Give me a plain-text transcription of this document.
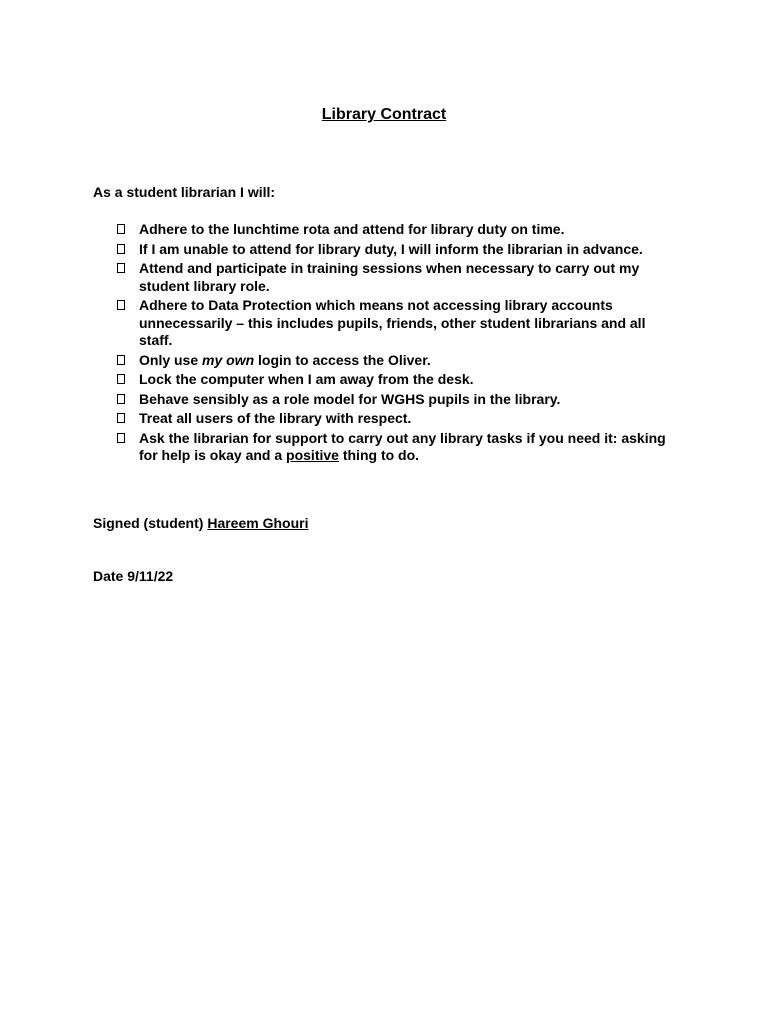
Library Contract
As a student librarian I will:
Adhere to the lunchtime rota and attend for library duty on time.
If I am unable to attend for library duty, I will inform the librarian in advance.
Attend and participate in training sessions when necessary to carry out my student library role.
Adhere to Data Protection which means not accessing library accounts unnecessarily – this includes pupils, friends, other student librarians and all staff.
Only use my own login to access the Oliver.
Lock the computer when I am away from the desk.
Behave sensibly as a role model for WGHS pupils in the library.
Treat all users of the library with respect.
Ask the librarian for support to carry out any library tasks if you need it: asking for help is okay and a positive thing to do.
Signed (student) Hareem Ghouri
Date 9/11/22
